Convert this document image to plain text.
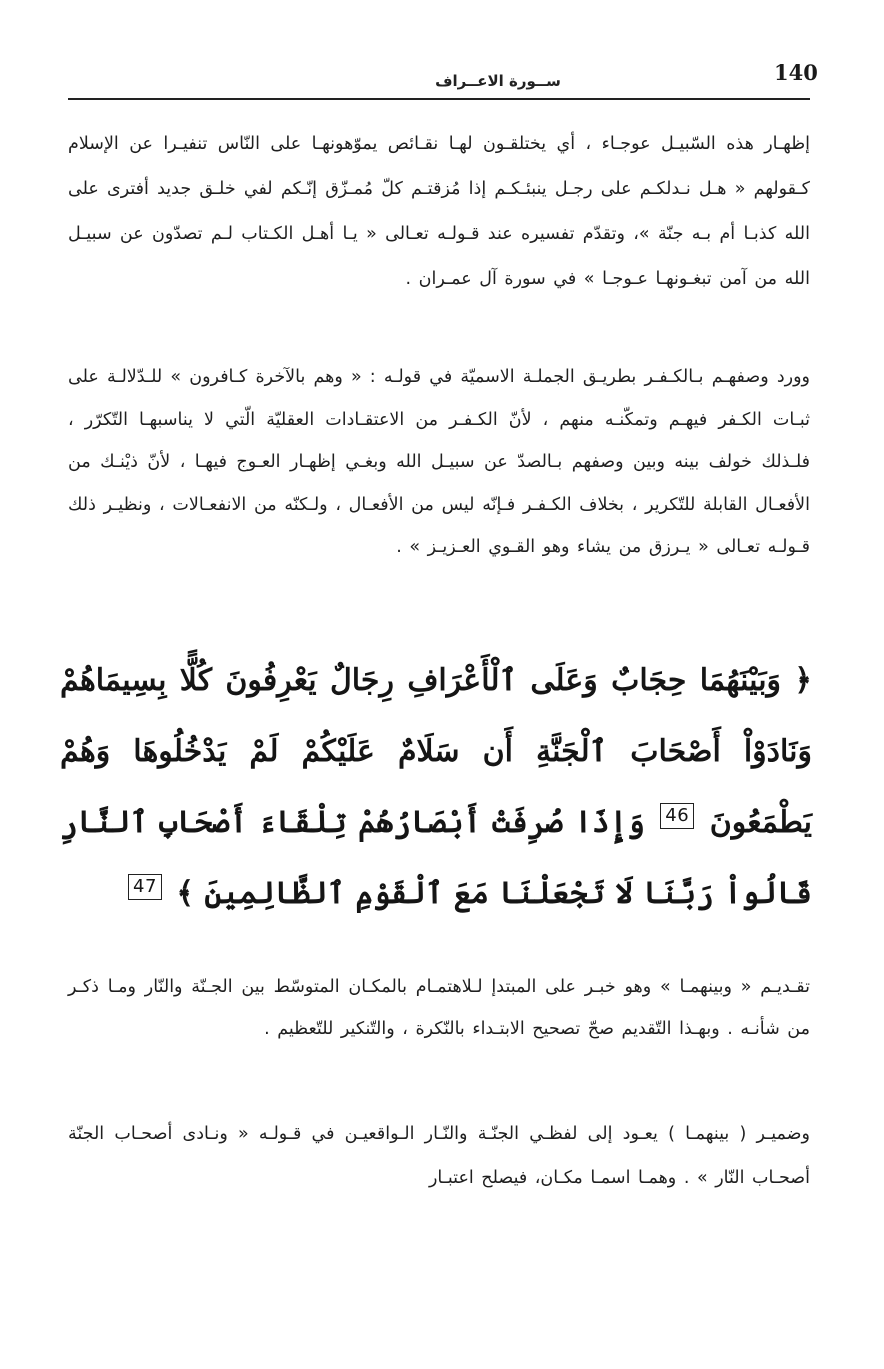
140
ســورة الاعــراف

إظهـار هذه السّبيـل عوجـاء ، أي يختلقـون لهـا نقـائص يموّهونهـا على النّاس تنفيـرا عن الإسلام كـقولهم « هـل نـدلكـم على رجـل ينبئـكـم إذا مُزقتـم كلّ مُمـزّق إنّـكم لفي خلـق جديد أفترى على الله كذبـا أم بـه جنّة »، وتقدّم تفسيره عند قـولـه تعـالى « يـا أهـل الكـتاب لـم تصدّون عن سبيـل الله من آمن تبغـونهـا عـوجـا » في سورة آل عمـران .

وورد وصفهـم بـالكـفـر بطريـق الجملـة الاسميّة في قولـه : « وهم بالآخرة كـافرون » للـدّلالـة على ثبـات الكـفر فيهـم وتمكّنـه منهم ، لأنّ الكـفـر من الاعتقـادات العقليّة الّتي لا يناسبهـا التّكرّر ، فلـذلك خولف بينه وبين وصفهم بـالصدّ عن سبيـل الله وبغـي إظهـار العـوج فيهـا ، لأنّ ذيْنـك من الأفعـال القابلة للتّكرير ، بخلاف الكـفـر فـإنّه ليس من الأفعـال ، ولـكنّه من الانفعـالات ، ونظيـر ذلك قـولـه تعـالى « يـرزق من يشاء وهو القـوي العـزيـز » .

﴿ وَبَيْنَهُمَا حِجَابٌ وَعَلَى ٱلْأَعْرَافِ رِجَالٌ يَعْرِفُونَ كُلًّا بِسِيمَاهُمْ وَنَادَوْاْ أَصْحَابَ ٱلْجَنَّةِ أَن سَلَامٌ عَلَيْكُمْ لَمْ يَدْخُلُوهَا وَهُمْ يَطْمَعُونَ 46 وَإِذَا صُرِفَتْ أَبْصَارُهُمْ تِلْقَاءَ أَصْحَابِ ٱلنَّارِ قَالُواْ رَبَّنَا لَا تَجْعَلْنَا مَعَ ٱلْقَوْمِ ٱلظَّالِمِينَ ﴾ 47

تقـديـم « وبينهمـا » وهو خبـر على المبتدإ لـلاهتمـام بالمكـان المتوسّط بين الجـنّة والنّار ومـا ذكـر من شأنـه . وبهـذا التّقديم صحّ تصحيح الابتـداء بالنّكرة ، والتّنكير للتّعظيم .

وضميـر ( بينهمـا ) يعـود إلى لفظـي الجنّـة والنّـار الـواقعيـن في قـولـه « ونـادى أصحـاب الجنّة أصحـاب النّار » . وهمـا اسمـا مكـان، فيصلح اعتبـار
